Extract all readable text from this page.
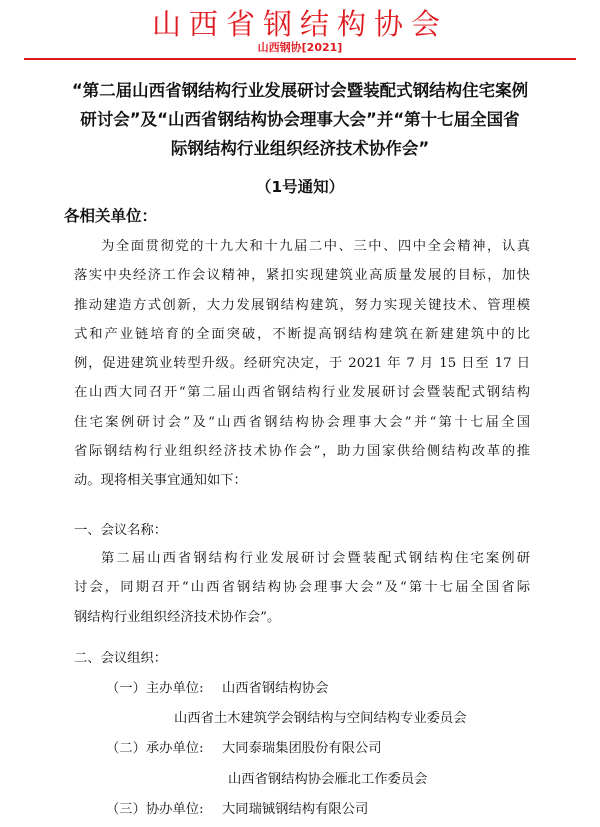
山西省钢结构协会
山西钢协[2021]
“第二届山西省钢结构行业发展研讨会暨装配式钢结构住宅案例
研讨会”及“山西省钢结构协会理事大会”并“第十七届全国省
际钢结构行业组织经济技术协作会”
（1号通知）
各相关单位：
为全面贯彻党的十九大和十九届二中、三中、四中全会精神，认真
落实中央经济工作会议精神，紧扣实现建筑业高质量发展的目标，加快
推动建造方式创新，大力发展钢结构建筑，努力实现关键技术、管理模
式和产业链培育的全面突破，不断提高钢结构建筑在新建建筑中的比
例，促进建筑业转型升级。经研究决定，于 2021 年 7 月 15 日至 17 日
在山西大同召开“第二届山西省钢结构行业发展研讨会暨装配式钢结构
住宅案例研讨会”及“山西省钢结构协会理事大会”并“第十七届全国
省际钢结构行业组织经济技术协作会”，助力国家供给侧结构改革的推
动。现将相关事宜通知如下：
一、会议名称：
第二届山西省钢结构行业发展研讨会暨装配式钢结构住宅案例研
讨会，同期召开“山西省钢结构协会理事大会”及“第十七届全国省际
钢结构行业组织经济技术协作会”。
二、会议组织：
（一）主办单位: 山西省钢结构协会
山西省土木建筑学会钢结构与空间结构专业委员会
（二）承办单位: 大同泰瑞集团股份有限公司
山西省钢结构协会雁北工作委员会
（三）协办单位: 大同瑞铖钢结构有限公司
